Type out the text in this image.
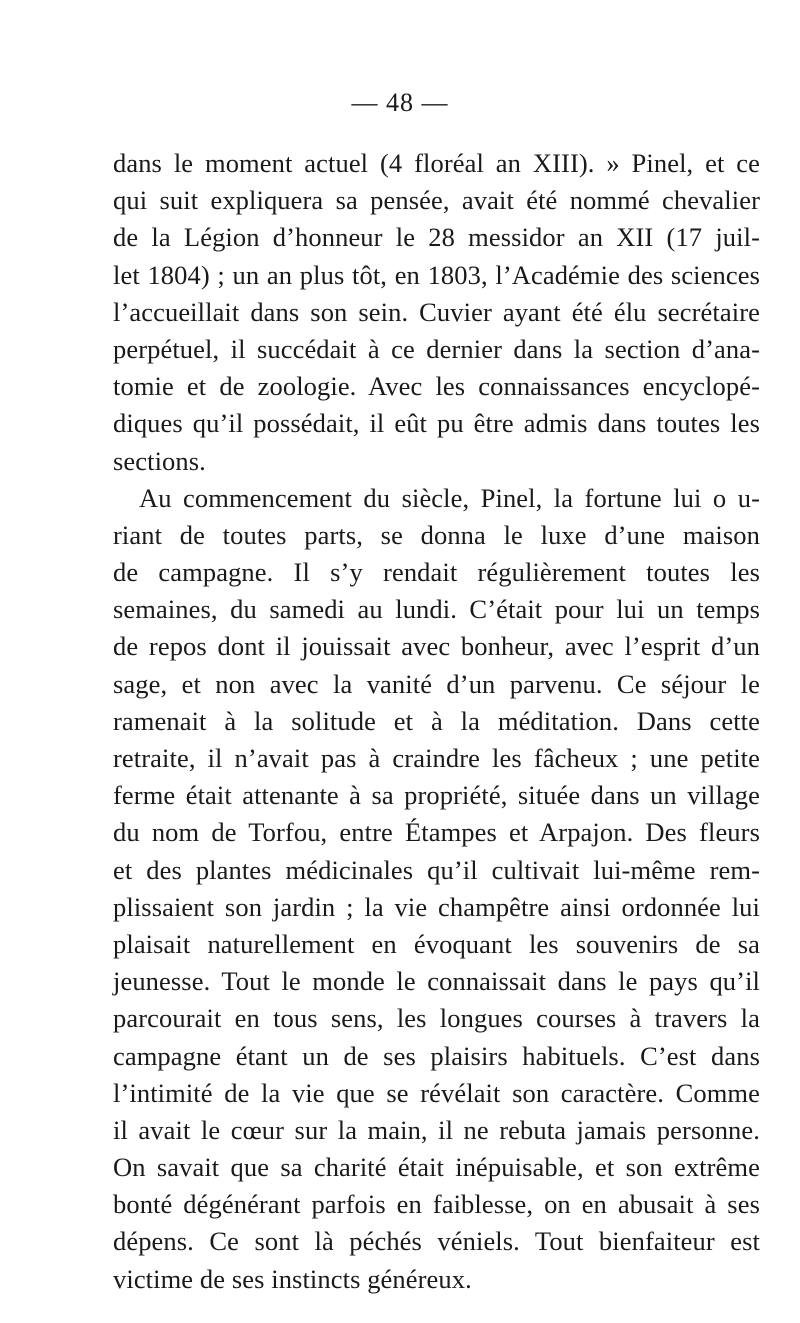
— 48 —
dans le moment actuel (4 floréal an XIII). » Pinel, et ce
qui suit expliquera sa pensée, avait été nommé chevalier
de la Légion d’honneur le 28 messidor an XII (17 juil-
let 1804) ; un an plus tôt, en 1803, l’Académie des sciences
l’accueillait dans son sein. Cuvier ayant été élu secrétaire
perpétuel, il succédait à ce dernier dans la section d’ana-
tomie et de zoologie. Avec les connaissances encyclopé-
diques qu’il possédait, il eût pu être admis dans toutes les
sections.
Au commencement du siècle, Pinel, la fortune lui o u-
riant de toutes parts, se donna le luxe d’une maison
de campagne. Il s’y rendait régulièrement toutes les
semaines, du samedi au lundi. C’était pour lui un temps
de repos dont il jouissait avec bonheur, avec l’esprit d’un
sage, et non avec la vanité d’un parvenu. Ce séjour le
ramenait à la solitude et à la méditation. Dans cette
retraite, il n’avait pas à craindre les fâcheux ; une petite
ferme était attenante à sa propriété, située dans un village
du nom de Torfou, entre Étampes et Arpajon. Des fleurs
et des plantes médicinales qu’il cultivait lui-même rem-
plissaient son jardin ; la vie champêtre ainsi ordonnée lui
plaisait naturellement en évoquant les souvenirs de sa
jeunesse. Tout le monde le connaissait dans le pays qu’il
parcourait en tous sens, les longues courses à travers la
campagne étant un de ses plaisirs habituels. C’est dans
l’intimité de la vie que se révélait son caractère. Comme
il avait le cœur sur la main, il ne rebuta jamais personne.
On savait que sa charité était inépuisable, et son extrême
bonté dégénérant parfois en faiblesse, on en abusait à ses
dépens. Ce sont là péchés véniels. Tout bienfaiteur est
victime de ses instincts généreux.
